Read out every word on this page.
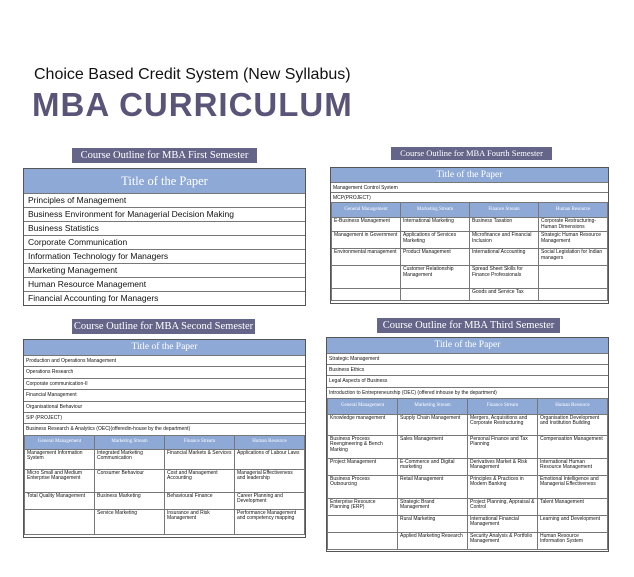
Choice Based Credit System (New Syllabus)
MBA CURRICULUM
Course Outline for MBA First Semester
Title of the Paper
Principles of Management
Business Environment for Managerial Decision Making
Business Statistics
Corporate Communication
Information Technology for Managers
Marketing Management
Human Resource Management
Financial Accounting for Managers
Course Outline for MBA Fourth Semester
Title of the Paper
Management Control System
MCP(PROJECT)
General Management	Marketing Stream	Finance Stream	Human Resource
E-Business Management	International Marketing	Business Taxation	Corporate Restructuring-Human Dimensions
Management in Government	Applications of Services Marketing	Microfinance and Financial Inclusion	Strategic Human Resource Management
Environmental management	Product Management	International Accounting	Social Legislation for Indian managers
	Customer Relationship Management	Spread Sheet Skills for Finance Professionals	
		Goods and Service Tax	
Course Outline for MBA Second Semester
Title of the Paper
Production and Operations Management
Operations Research
Corporate communication-II
Financial Management
Organisational Behaviour
SIP (PROJECT)
Business Research & Analytics (OEC)(offeredin-house by the department)
General Management	Marketing Stream	Finance Stream	Human Resource
Management Information System	Integrated Marketing Communication	Financial Markets & Services	Applications of Labour Laws
Micro Small and Medium Enterprise Management	Consumer Behaviour	Cost and Management Accounting	Managerial Effectiveness and leadership
Total Quality Management	Business Marketing	Behavioural Finance	Career Planning and Development
	Service Marketing	Insurance and Risk Management	Performance Management and competency mapping
Course Outline for MBA Third Semester
Title of the Paper
Strategic Management
Business Ethics
Legal Aspects of Business
Introduction to Entrepreneurship (OEC) (offered inhouse by the department)
General Management	Marketing Stream	Finance Stream	Human Resource
Knowledge management	Supply Chain Management	Mergers, Acquisitions and Corporate Restructuring	Organisation Development and Institution Building
Business Process Reengineering & Bench Marking	Sales Management	Personal Finance and Tax Planning	Compensation Management
Project Management	E-Commerce and Digital marketing	Derivatives Market & Risk Management	International Human Resource Management
Business Process Outsourcing	Retail Management	Principles & Practices in Modern Banking	Emotional Intelligence and Managerial Effectiveness
Enterprise Resource Planning (ERP)	Strategic Brand Management	Project Planning, Appraisal & Control	Talent Management
	Rural Marketing	International Financial Management	Learning and Development
	Applied Marketing Research	Security Analysis & Portfolio Management	Human Resource Information System
